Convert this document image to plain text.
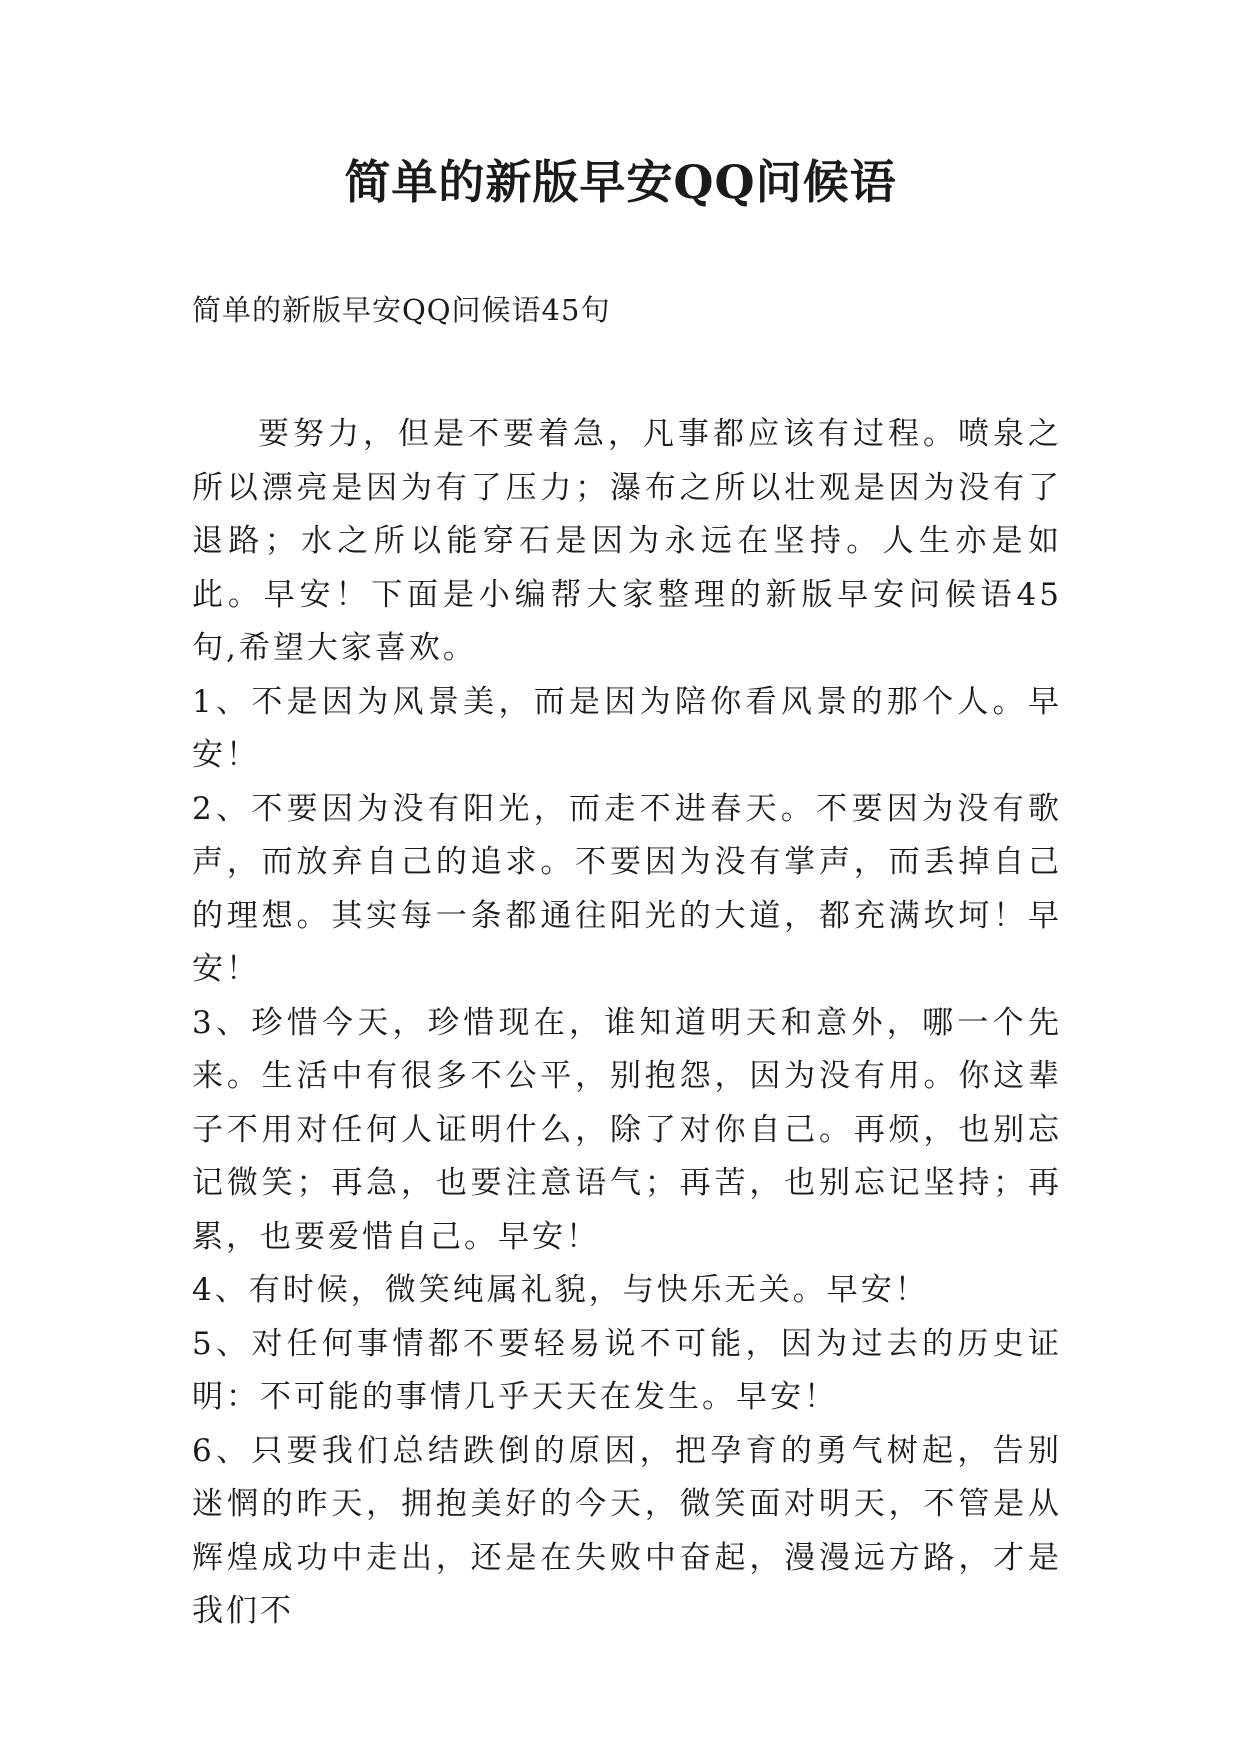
简单的新版早安QQ问候语

简单的新版早安QQ问候语45句

要努力，但是不要着急，凡事都应该有过程。喷泉之所以漂亮是因为有了压力；瀑布之所以壮观是因为没有了退路；水之所以能穿石是因为永远在坚持。人生亦是如此。早安！下面是小编帮大家整理的新版早安问候语45句,希望大家喜欢。

1、不是因为风景美，而是因为陪你看风景的那个人。早安！

2、不要因为没有阳光，而走不进春天。不要因为没有歌声，而放弃自己的追求。不要因为没有掌声，而丢掉自己的理想。其实每一条都通往阳光的大道，都充满坎坷！早安！

3、珍惜今天，珍惜现在，谁知道明天和意外，哪一个先来。生活中有很多不公平，别抱怨，因为没有用。你这辈子不用对任何人证明什么，除了对你自己。再烦，也别忘记微笑；再急，也要注意语气；再苦，也别忘记坚持；再累，也要爱惜自己。早安！

4、有时候，微笑纯属礼貌，与快乐无关。早安！

5、对任何事情都不要轻易说不可能，因为过去的历史证明：不可能的事情几乎天天在发生。早安！

6、只要我们总结跌倒的原因，把孕育的勇气树起，告别迷惘的昨天，拥抱美好的今天，微笑面对明天，不管是从辉煌成功中走出，还是在失败中奋起，漫漫远方路，才是我们不
